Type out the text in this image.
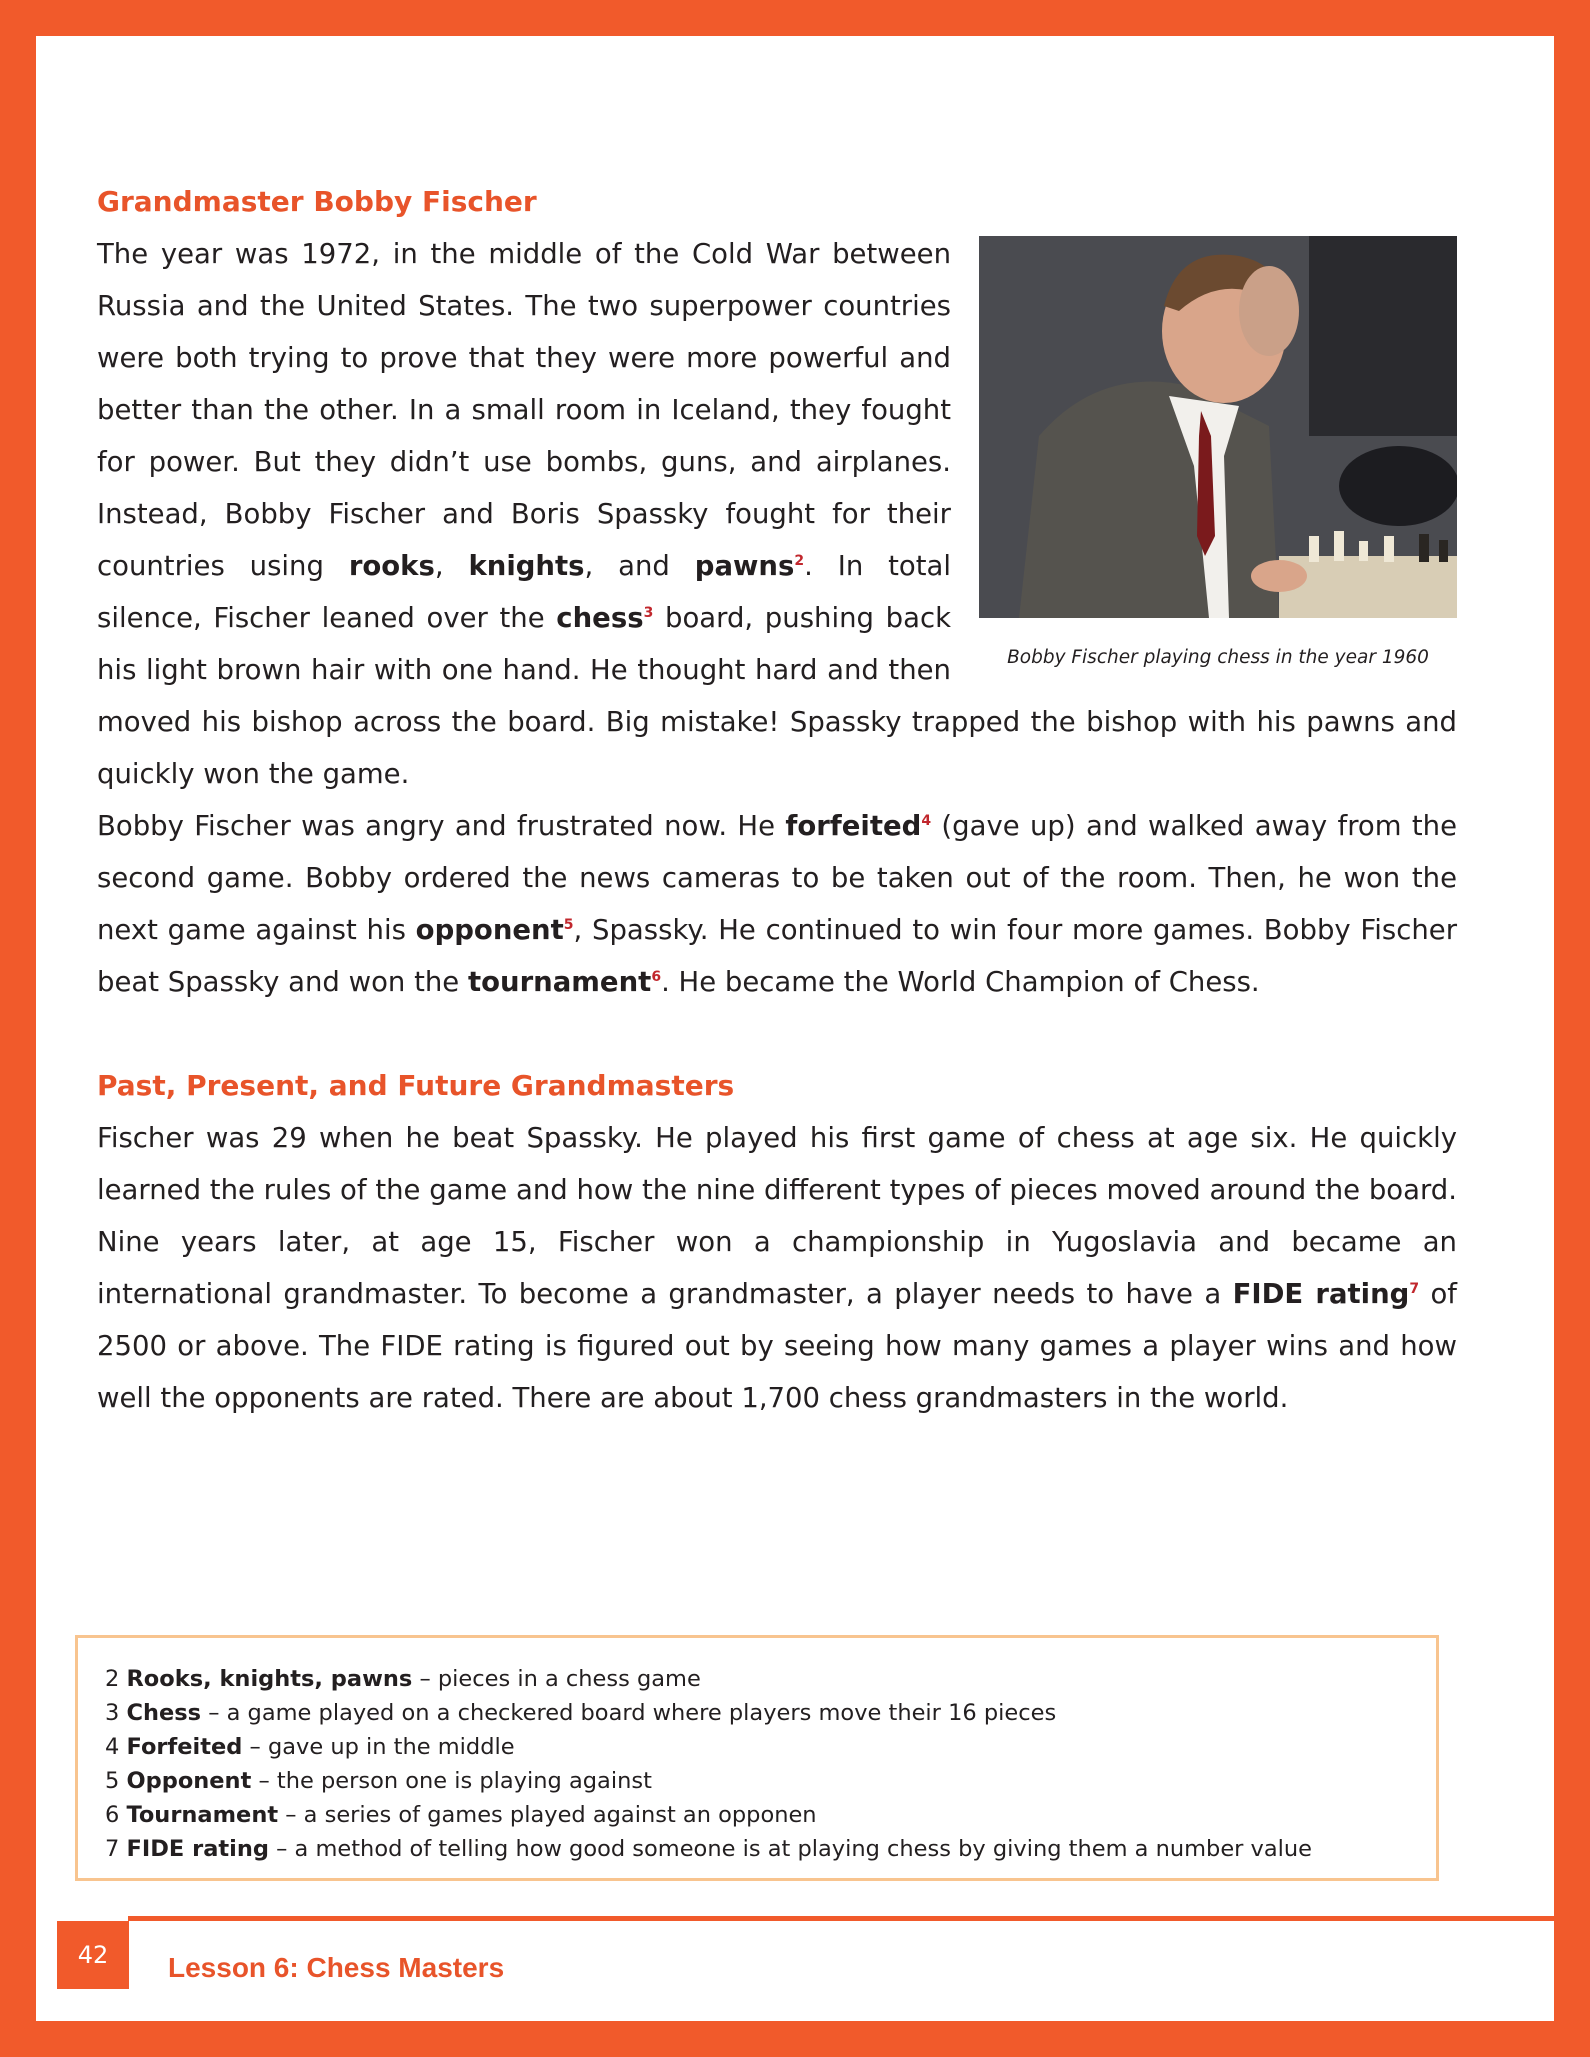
Grandmaster Bobby Fischer

Bobby Fischer playing chess in the year 1960
The year was 1972, in the middle of the Cold War between Russia and the United States. The two superpower countries were both trying to prove that they were more powerful and better than the other. In a small room in Iceland, they fought for power. But they didn’t use bombs, guns, and airplanes. Instead, Bobby Fischer and Boris Spassky fought for their countries using rooks, knights, and pawns$^2$. In total silence, Fischer leaned over the chess$^3$ board, pushing back his light brown hair with one hand. He thought hard and then moved his bishop across the board. Big mistake! Spassky trapped the bishop with his pawns and quickly won the game.

Bobby Fischer was angry and frustrated now. He forfeited$^4$ (gave up) and walked away from the second game. Bobby ordered the news cameras to be taken out of the room. Then, he won the next game against his opponent$^5$, Spassky. He continued to win four more games. Bobby Fischer beat Spassky and won the tournament$^6$. He became the World Champion of Chess.

Past, Present, and Future Grandmasters

Fischer was 29 when he beat Spassky. He played his first game of chess at age six. He quickly learned the rules of the game and how the nine different types of pieces moved around the board. Nine years later, at age 15, Fischer won a championship in Yugoslavia and became an international grandmaster. To become a grandmaster, a player needs to have a FIDE rating$^7$ of 2500 or above. The FIDE rating is figured out by seeing how many games a player wins and how well the opponents are rated. There are about 1,700 chess grandmasters in the world.

2 Rooks, knights, pawns – pieces in a chess game
3 Chess – a game played on a checkered board where players move their 16 pieces
4 Forfeited – gave up in the middle
5 Opponent – the person one is playing against
6 Tournament – a series of games played against an opponen
7 FIDE rating – a method of telling how good someone is at playing chess by giving them a number value
42	Lesson 6: Chess Masters
